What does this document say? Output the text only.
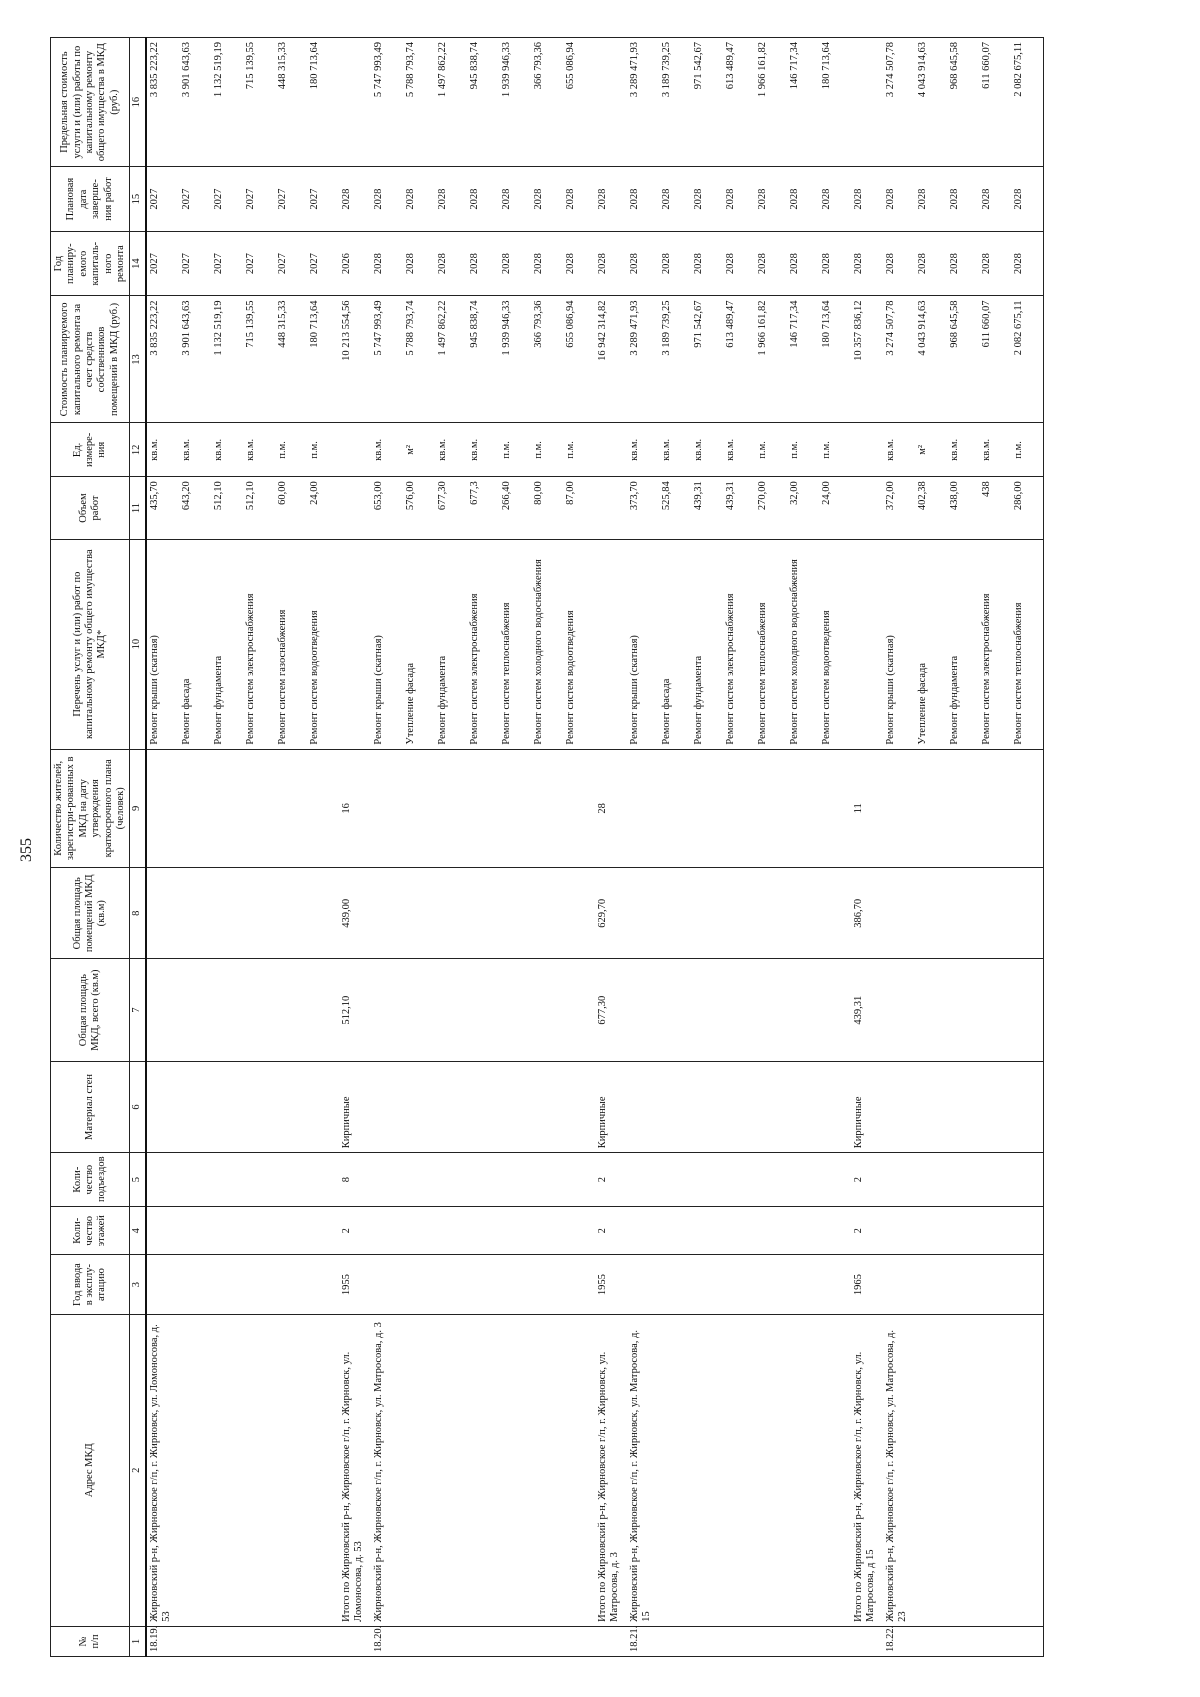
355
№ п/п	Адрес МКД	Год ввода в эксплу-атацию	Коли-чество этажей	Коли-чество подъездов	Материал стен	Общая площадь МКД, всего (кв.м)	Общая площадь помещений МКД (кв.м)	Количество жителей, зарегистри-рованных в МКД на дату утверждения краткосрочного плана (человек)	Перечень услуг и (или) работ по капитальному ремонту общего имущества МКД*	Объем работ	Ед. измере-ния	Стоимость планируемого капитального ремонта за счет средств собственников помещений в МКД (руб.)	Год планиру-емого капиталь-ного ремонта	Плановая дата заверше-ния работ	Предельная стоимость услуги и (или) работы по капитальному ремонту общего имущества в МКД (руб.)
1	2	3	4	5	6	7	8	9	10	11	12	13	14	15	16
18.19.	Жирновский р-н, Жирновское г/п, г. Жирновск, ул. Ломоносова, д. 53								Ремонт крыши (скатная)	435,70	кв.м.	3 835 223,22	2027	2027	3 835 223,22
									Ремонт фасада	643,20	кв.м.	3 901 643,63	2027	2027	3 901 643,63
									Ремонт фундамента	512,10	кв.м.	1 132 519,19	2027	2027	1 132 519,19
									Ремонт систем электроснабжения	512,10	кв.м.	715 139,55	2027	2027	715 139,55
									Ремонт систем газоснабжения	60,00	п.м.	448 315,33	2027	2027	448 315,33
									Ремонт систем водоотведения	24,00	п.м.	180 713,64	2027	2027	180 713,64
	Итого по Жирновский р-н, Жирновское г/п, г. Жирновск, ул. Ломоносова, д. 53	1955	2	8	Кирпичные	512,10	439,00	16				10 213 554,56	2026	2028	
18.20.	Жирновский р-н, Жирновское г/п, г. Жирновск, ул. Матросова, д. 3								Ремонт крыши (скатная)	653,00	кв.м.	5 747 993,49	2028	2028	5 747 993,49
									Утепление фасада	576,00	м²	5 788 793,74	2028	2028	5 788 793,74
									Ремонт фундамента	677,30	кв.м.	1 497 862,22	2028	2028	1 497 862,22
									Ремонт систем электроснабжения	677,3	кв.м.	945 838,74	2028	2028	945 838,74
									Ремонт систем теплоснабжения	266,40	п.м.	1 939 946,33	2028	2028	1 939 946,33
									Ремонт систем холодного водоснабжения	80,00	п.м.	366 793,36	2028	2028	366 793,36
									Ремонт систем водоотведения	87,00	п.м.	655 086,94	2028	2028	655 086,94
	Итого по Жирновский р-н, Жирновское г/п, г. Жирновск, ул. Матросова, д. 3	1955	2	2	Кирпичные	677,30	629,70	28				16 942 314,82	2028	2028	
18.21.	Жирновский р-н, Жирновское г/п, г. Жирновск, ул. Матросова, д. 15								Ремонт крыши (скатная)	373,70	кв.м.	3 289 471,93	2028	2028	3 289 471,93
									Ремонт фасада	525,84	кв.м.	3 189 739,25	2028	2028	3 189 739,25
									Ремонт фундамента	439,31	кв.м.	971 542,67	2028	2028	971 542,67
									Ремонт систем электроснабжения	439,31	кв.м.	613 489,47	2028	2028	613 489,47
									Ремонт систем теплоснабжения	270,00	п.м.	1 966 161,82	2028	2028	1 966 161,82
									Ремонт систем холодного водоснабжения	32,00	п.м.	146 717,34	2028	2028	146 717,34
									Ремонт систем водоотведения	24,00	п.м.	180 713,64	2028	2028	180 713,64
	Итого по Жирновский р-н, Жирновское г/п, г. Жирновск, ул. Матросова, д 15	1965	2	2	Кирпичные	439,31	386,70	11				10 357 836,12	2028	2028	
18.22.	Жирновский р-н, Жирновское г/п, г. Жирновск, ул. Матросова, д. 23								Ремонт крыши (скатная)	372,00	кв.м.	3 274 507,78	2028	2028	3 274 507,78
									Утепление фасада	402,38	м²	4 043 914,63	2028	2028	4 043 914,63
									Ремонт фундамента	438,00	кв.м.	968 645,58	2028	2028	968 645,58
									Ремонт систем электроснабжения	438	кв.м.	611 660,07	2028	2028	611 660,07
									Ремонт систем теплоснабжения	286,00	п.м.	2 082 675,11	2028	2028	2 082 675,11
